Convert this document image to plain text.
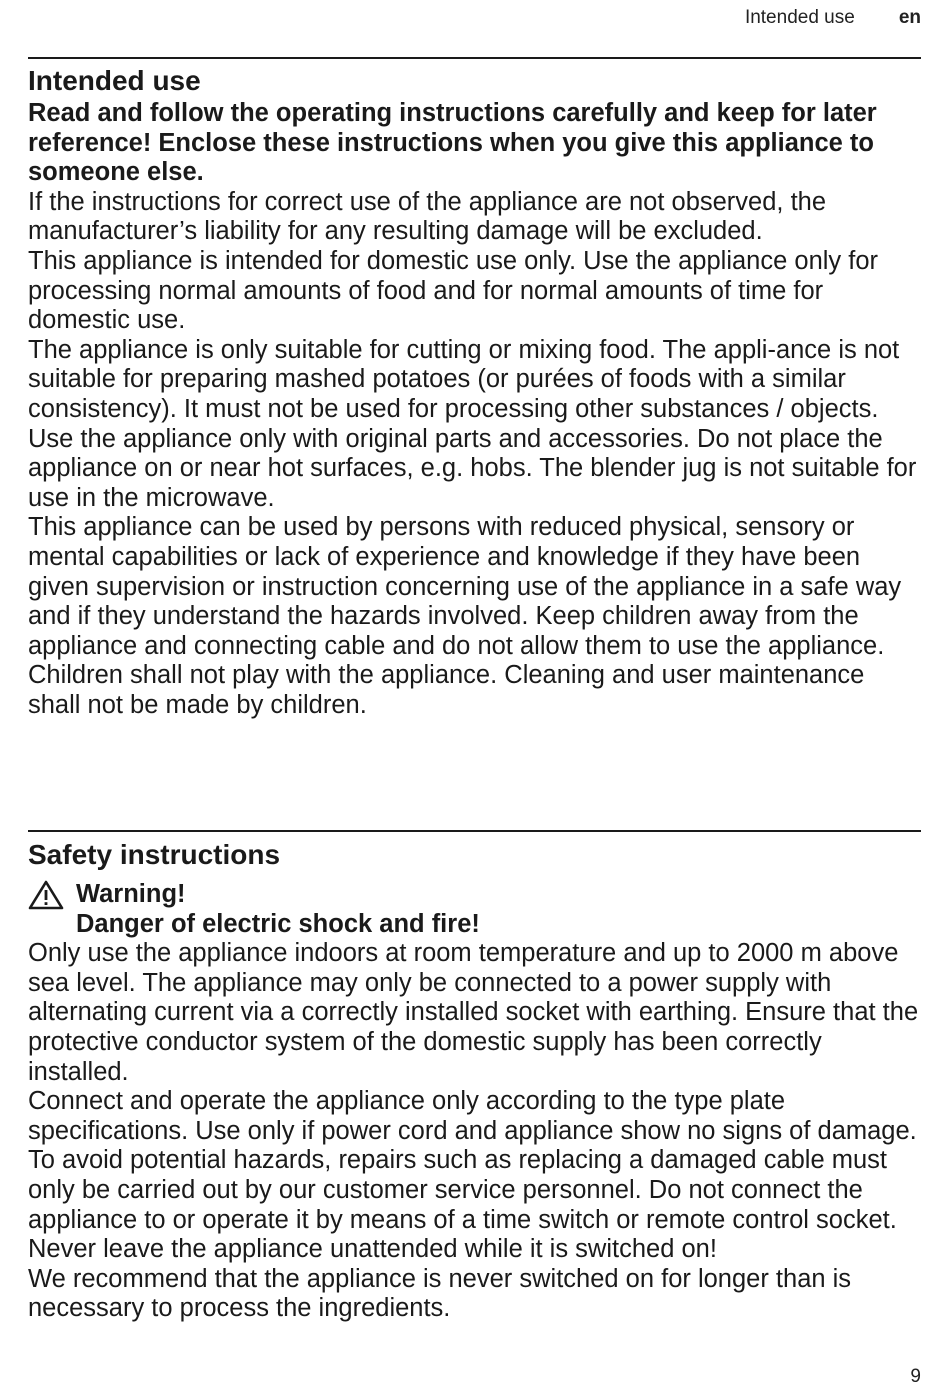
Intended use en
Intended use

Read and follow the operating instructions carefully and keep for later reference! Enclose these instructions when you give this appliance to someone else.

If the instructions for correct use of the appliance are not observed, the manufacturer’s liability for any resulting damage will be excluded.

This appliance is intended for domestic use only. Use the appliance only for processing normal amounts of food and for normal amounts of time for domestic use.

The appliance is only suitable for cutting or mixing food. The appli-ance is not suitable for preparing mashed potatoes (or purées of foods with a similar consistency). It must not be used for processing other substances / objects. Use the appliance only with original parts and accessories. Do not place the appliance on or near hot surfaces, e.g. hobs. The blender jug is not suitable for use in the microwave.

This appliance can be used by persons with reduced physical, sensory or mental capabilities or lack of experience and knowledge if they have been given supervision or instruction concerning use of the appliance in a safe way and if they understand the hazards involved. Keep children away from the appliance and connecting cable and do not allow them to use the appliance. Children shall not play with the appliance. Cleaning and user maintenance shall not be made by children.

Safety instructions

Warning!

Danger of electric shock and fire!

Only use the appliance indoors at room temperature and up to 2000 m above sea level. The appliance may only be connected to a power supply with alternating current via a correctly installed socket with earthing. Ensure that the protective conductor system of the domestic supply has been correctly installed.

Connect and operate the appliance only according to the type plate specifications. Use only if power cord and appliance show no signs of damage. To avoid potential hazards, repairs such as replacing a damaged cable must only be carried out by our customer service personnel. Do not connect the appliance to or operate it by means of a time switch or remote control socket.

Never leave the appliance unattended while it is switched on!

We recommend that the appliance is never switched on for longer than is necessary to process the ingredients.

9
